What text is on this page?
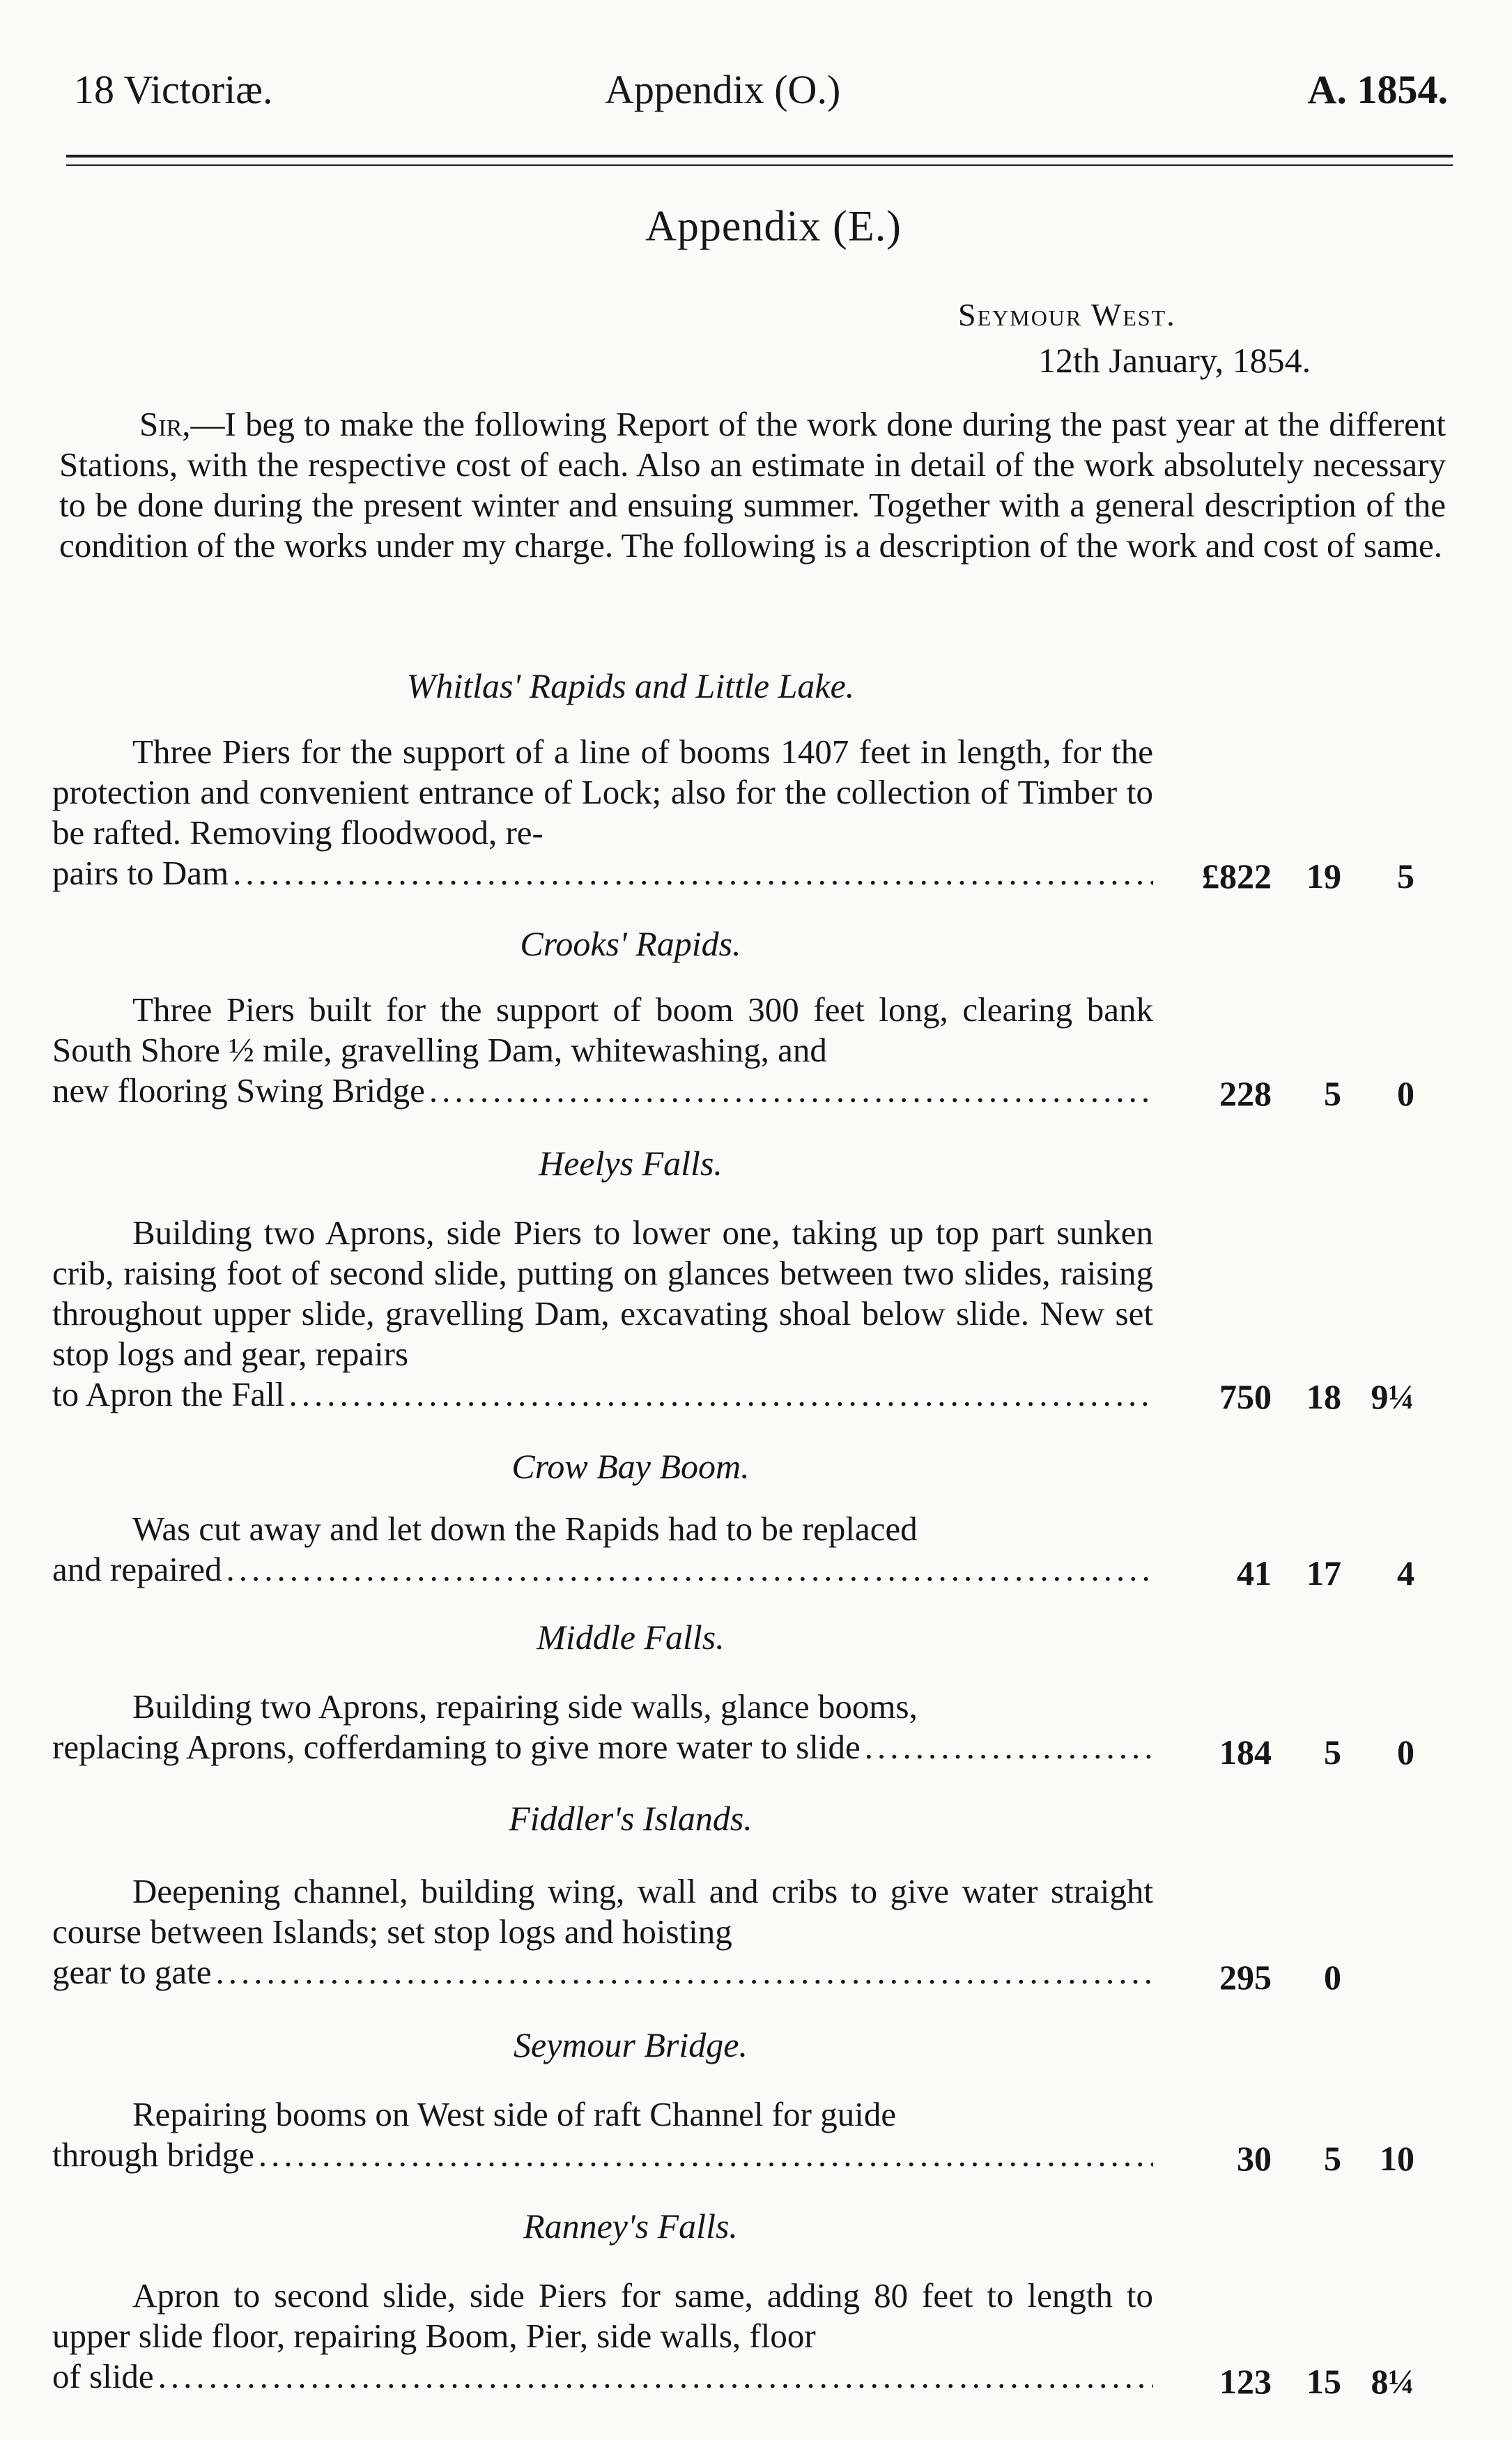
18 Victoriæ.	Appendix (O.)	A. 1854.
Appendix (E.)
Seymour West.
12th January, 1854.
Sir,—I beg to make the following Report of the work done during the past year at the different Stations, with the respective cost of each. Also an estimate in detail of the work absolutely necessary to be done during the present winter and ensuing summer. Together with a general description of the condition of the works under my charge. The following is a description of the work and cost of same.
Whitlas' Rapids and Little Lake.
Three Piers for the support of a line of booms 1407 feet in length, for the protection and convenient entrance of Lock; also for the collection of Timber to be rafted. Removing floodwood, re-
pairs to Dam .....	£822 19 5
Crooks' Rapids.
Three Piers built for the support of boom 300 feet long, clearing bank South Shore ½ mile, gravelling Dam, whitewashing, and
new flooring Swing Bridge .....	228 5 0
Heelys Falls.
Building two Aprons, side Piers to lower one, taking up top part sunken crib, raising foot of second slide, putting on glances between two slides, raising throughout upper slide, gravelling Dam, excavating shoal below slide. New set stop logs and gear, repairs
to Apron the Fall .....	750 18 9¼
Crow Bay Boom.
Was cut away and let down the Rapids had to be replaced
and repaired .....	41 17 4
Middle Falls.
Building two Aprons, repairing side walls, glance booms,
replacing Aprons, cofferdaming to give more water to slide .....	184 5 0
Fiddler's Islands.
Deepening channel, building wing, wall and cribs to give water straight course between Islands; set stop logs and hoisting
gear to gate .....	295 0
Seymour Bridge.
Repairing booms on West side of raft Channel for guide
through bridge .....	30 5 10
Ranney's Falls.
Apron to second slide, side Piers for same, adding 80 feet to length to upper slide floor, repairing Boom, Pier, side walls, floor
of slide .....	123 15 8¼
